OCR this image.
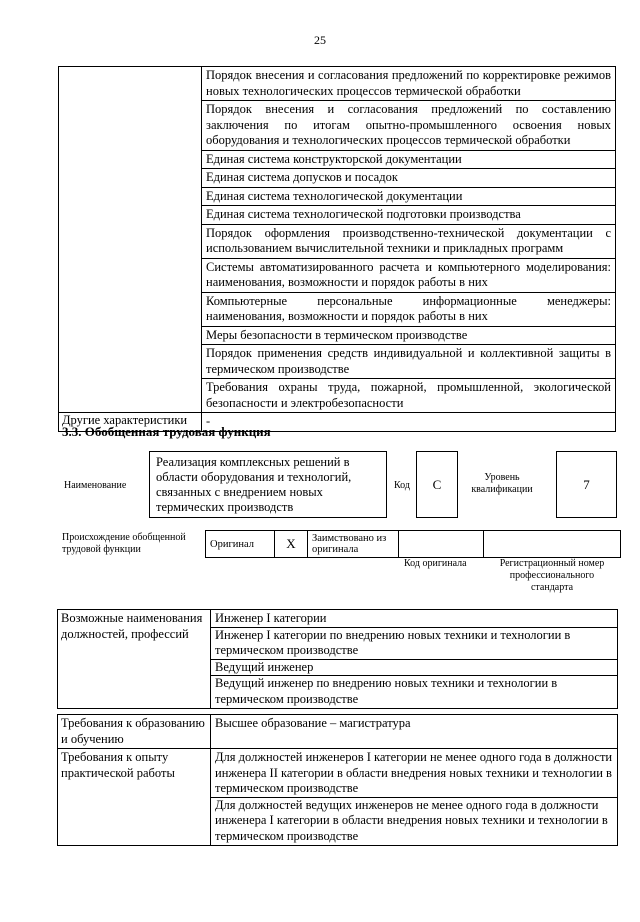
25
	Порядок внесения и согласования предложений по корректировке режимов новых технологических процессов термической обработки
	Порядок внесения и согласования предложений по составлению заключения по итогам опытно-промышленного освоения новых оборудования и технологических процессов термической обработки
	Единая система конструкторской документации
	Единая система допусков и посадок
	Единая система технологической документации
	Единая система технологической подготовки производства
	Порядок оформления производственно-технической документации с использованием вычислительной техники и прикладных программ
	Системы автоматизированного расчета и компьютерного моделирования: наименования, возможности и порядок работы в них
	Компьютерные персональные информационные менеджеры: наименования, возможности и порядок работы в них
	Меры безопасности в термическом производстве
	Порядок применения средств индивидуальной и коллективной защиты в термическом производстве
	Требования охраны труда, пожарной, промышленной, экологической безопасности и электробезопасности
Другие характеристики	-
3.3. Обобщенная трудовая функция
Наименование
Реализация комплексных решений в области оборудования и технологий, связанных с внедрением новых термических производств
Код С	Уровень квалификации	7
Происхождение обобщенной трудовой функции	Оригинал	X	Заимствовано из оригинала		
Код оригинала	Регистрационный номер профессионального стандарта
Возможные наименования должностей, профессий	
Инженер I категории
Инженер I категории по внедрению новых техники и технологии в термическом производстве
Ведущий инженер
Ведущий инженер по внедрению новых техники и технологии в термическом производстве
Требования к образованию и обучению	Высшее образование – магистратура
Требования к опыту практической работы	Для должностей инженеров I категории не менее одного года в должности инженера II категории в области внедрения новых техники и технологии в термическом производстве
Для должностей ведущих инженеров не менее одного года в должности инженера I категории в области внедрения новых техники и технологии в термическом производстве
